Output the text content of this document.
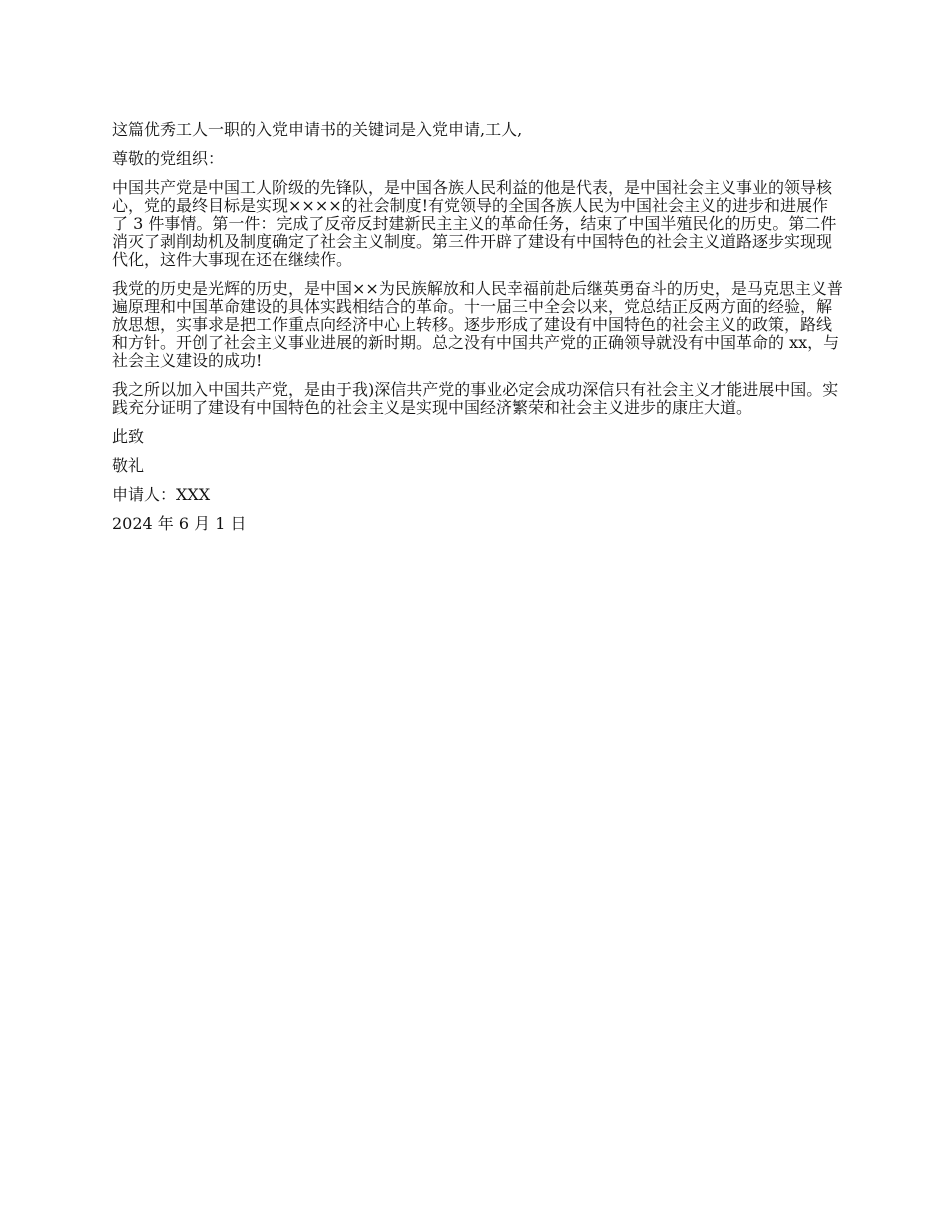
这篇优秀工人一职的入党申请书的关键词是入党申请,工人,

尊敬的党组织：

中国共产党是中国工人阶级的先锋队，是中国各族人民利益的他是代表，是中国社会主义事业的领导核心，党的最终目标是实现××××的社会制度!有党领导的全国各族人民为中国社会主义的进步和进展作了 3 件事情。第一件：完成了反帝反封建新民主主义的革命任务，结束了中国半殖民化的历史。第二件消灭了剥削劫机及制度确定了社会主义制度。第三件开辟了建设有中国特色的社会主义道路逐步实现现代化，这件大事现在还在继续作。

我党的历史是光辉的历史，是中国××为民族解放和人民幸福前赴后继英勇奋斗的历史，是马克思主义普遍原理和中国革命建设的具体实践相结合的革命。十一届三中全会以来，党总结正反两方面的经验，解放思想，实事求是把工作重点向经济中心上转移。逐步形成了建设有中国特色的社会主义的政策，路线和方针。开创了社会主义事业进展的新时期。总之没有中国共产党的正确领导就没有中国革命的 xx，与社会主义建设的成功!

我之所以加入中国共产党，是由于我)深信共产党的事业必定会成功深信只有社会主义才能进展中国。实践充分证明了建设有中国特色的社会主义是实现中国经济繁荣和社会主义进步的康庄大道。

此致

敬礼

申请人：XXX

2024 年 6 月 1 日
